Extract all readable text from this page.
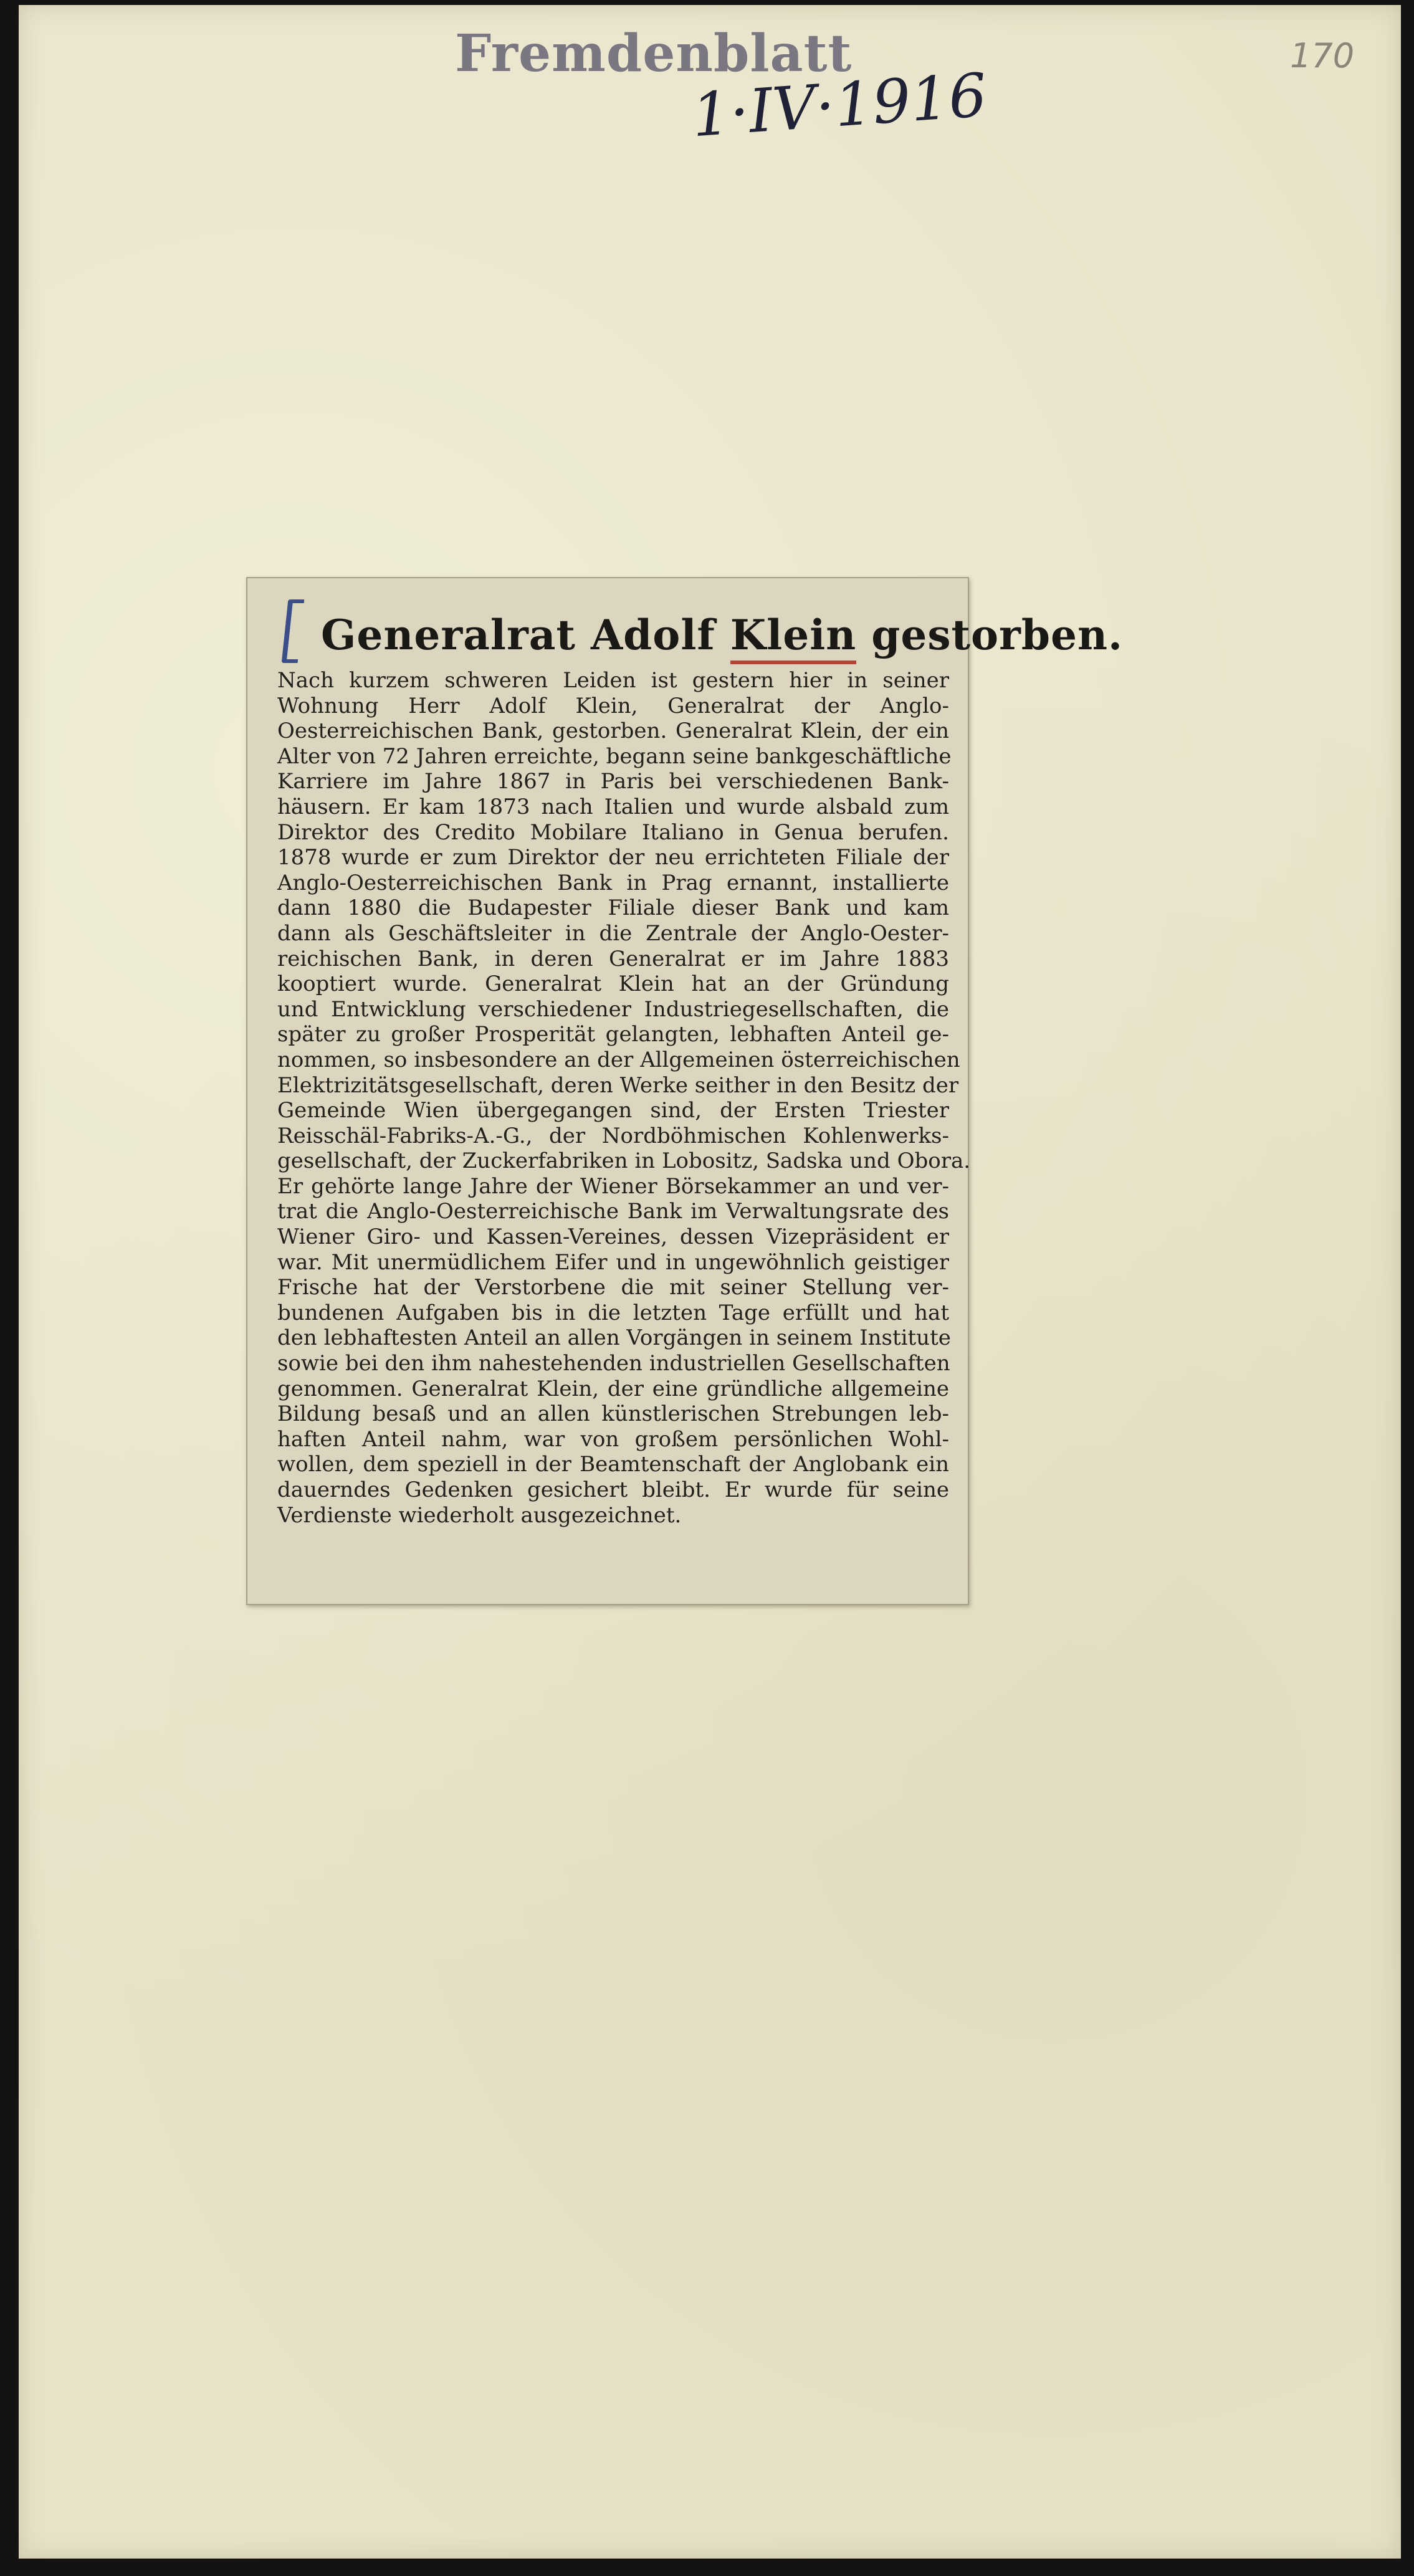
Fremdenblatt
1·IV·1916
170
Generalrat Adolf Klein gestorben.
Nach kurzem schweren Leiden ist gestern hier in seiner
Wohnung Herr Adolf Klein, Generalrat der Anglo-
Oesterreichischen Bank, gestorben. Generalrat Klein, der ein
Alter von 72 Jahren erreichte, begann seine bankgeschäftliche
Karriere im Jahre 1867 in Paris bei verschiedenen Bank-
häusern. Er kam 1873 nach Italien und wurde alsbald zum
Direktor des Credito Mobilare Italiano in Genua berufen.
1878 wurde er zum Direktor der neu errichteten Filiale der
Anglo-Oesterreichischen Bank in Prag ernannt, installierte
dann 1880 die Budapester Filiale dieser Bank und kam
dann als Geschäftsleiter in die Zentrale der Anglo-Oester-
reichischen Bank, in deren Generalrat er im Jahre 1883
kooptiert wurde. Generalrat Klein hat an der Gründung
und Entwicklung verschiedener Industriegesellschaften, die
später zu großer Prosperität gelangten, lebhaften Anteil ge-
nommen, so insbesondere an der Allgemeinen österreichischen
Elektrizitätsgesellschaft, deren Werke seither in den Besitz der
Gemeinde Wien übergegangen sind, der Ersten Triester
Reisschäl-Fabriks-A.-G., der Nordböhmischen Kohlenwerks-
gesellschaft, der Zuckerfabriken in Lobositz, Sadska und Obora.
Er gehörte lange Jahre der Wiener Börsekammer an und ver-
trat die Anglo-Oesterreichische Bank im Verwaltungsrate des
Wiener Giro- und Kassen-Vereines, dessen Vizepräsident er
war. Mit unermüdlichem Eifer und in ungewöhnlich geistiger
Frische hat der Verstorbene die mit seiner Stellung ver-
bundenen Aufgaben bis in die letzten Tage erfüllt und hat
den lebhaftesten Anteil an allen Vorgängen in seinem Institute
sowie bei den ihm nahestehenden industriellen Gesellschaften
genommen. Generalrat Klein, der eine gründliche allgemeine
Bildung besaß und an allen künstlerischen Strebungen leb-
haften Anteil nahm, war von großem persönlichen Wohl-
wollen, dem speziell in der Beamtenschaft der Anglobank ein
dauerndes Gedenken gesichert bleibt. Er wurde für seine
Verdienste wiederholt ausgezeichnet.
